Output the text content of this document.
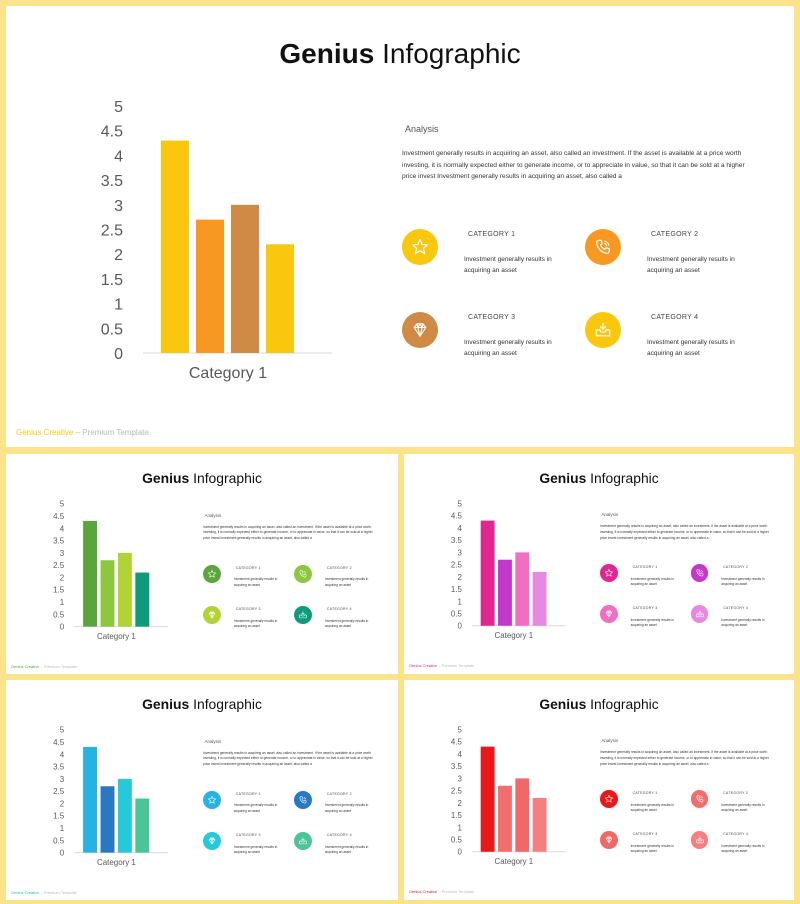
Genius Infographic
0
0.5
1
1.5
2
2.5
3
3.5
4
4.5
5
Category 1
Analysis
Investment generally results in acquiring an asset, also called an investment. If the asset is available at a price worth investing, it is normally expected either to generate income, or to appreciate in value, so that it can be sold at a higher price invest Investment generally results in acquiring an asset, also called a
CATEGORY 1
Investment generally results in acquiring an asset
CATEGORY 2
Investment generally results in acquiring an asset
CATEGORY 3
Investment generally results in acquiring an asset
CATEGORY 4
Investment generally results in acquiring an asset
Genius Creative – Premium Template
Genius Infographic
0
0.5
1
1.5
2
2.5
3
3.5
4
4.5
5
Category 1
Analysis
Investment generally results in acquiring an asset, also called an investment. If the asset is available at a price worth investing, it is normally expected either to generate income, or to appreciate in value, so that it can be sold at a higher price invest Investment generally results in acquiring an asset, also called a
CATEGORY 1
Investment generally results in acquiring an asset
CATEGORY 2
Investment generally results in acquiring an asset
CATEGORY 3
Investment generally results in acquiring an asset
CATEGORY 4
Investment generally results in acquiring an asset
Genius Creative – Premium Template
Genius Infographic
0
0.5
1
1.5
2
2.5
3
3.5
4
4.5
5
Category 1
Analysis
Investment generally results in acquiring an asset, also called an investment. If the asset is available at a price worth investing, it is normally expected either to generate income, or to appreciate in value, so that it can be sold at a higher price invest Investment generally results in acquiring an asset, also called a
CATEGORY 1
Investment generally results in acquiring an asset
CATEGORY 2
Investment generally results in acquiring an asset
CATEGORY 3
Investment generally results in acquiring an asset
CATEGORY 4
Investment generally results in acquiring an asset
Genius Creative – Premium Template
Genius Infographic
0
0.5
1
1.5
2
2.5
3
3.5
4
4.5
5
Category 1
Analysis
Investment generally results in acquiring an asset, also called an investment. If the asset is available at a price worth investing, it is normally expected either to generate income, or to appreciate in value, so that it can be sold at a higher price invest Investment generally results in acquiring an asset, also called a
CATEGORY 1
Investment generally results in acquiring an asset
CATEGORY 2
Investment generally results in acquiring an asset
CATEGORY 3
Investment generally results in acquiring an asset
CATEGORY 4
Investment generally results in acquiring an asset
Genius Creative – Premium Template
Genius Infographic
0
0.5
1
1.5
2
2.5
3
3.5
4
4.5
5
Category 1
Analysis
Investment generally results in acquiring an asset, also called an investment. If the asset is available at a price worth investing, it is normally expected either to generate income, or to appreciate in value, so that it can be sold at a higher price invest Investment generally results in acquiring an asset, also called a
CATEGORY 1
Investment generally results in acquiring an asset
CATEGORY 2
Investment generally results in acquiring an asset
CATEGORY 3
Investment generally results in acquiring an asset
CATEGORY 4
Investment generally results in acquiring an asset
Genius Creative – Premium Template
